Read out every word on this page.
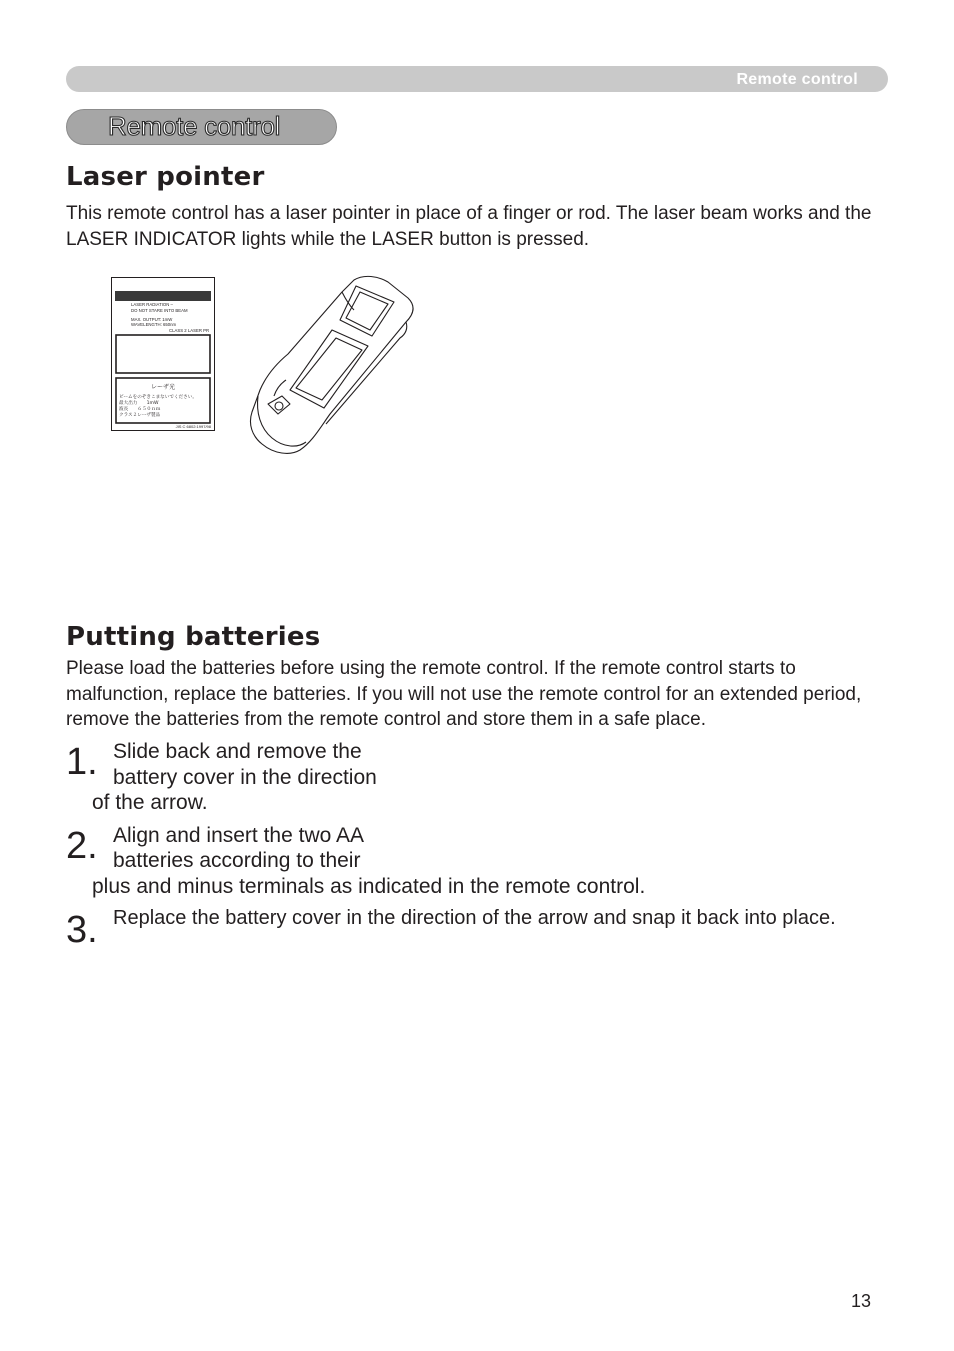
Remote control
Remote control
Laser pointer

This remote control has a laser pointer in place of a finger or rod. The laser beam works and the LASER INDICATOR lights while the LASER button is pressed.

LASER RADIATION –
DO NOT STARE INTO BEAM
MAX. OUTPUT: 1mW
WAVELENGTH: 650nm
CLASS 2 LASER PR
レーザ光
ビームをのぞきこまないでください。
最大出力　　1mW
波長　　６５０ｎｍ
クラス２レーザ製品
JIS C 6802:1997/98
Putting batteries

Please load the batteries before using the remote control. If the remote control starts to malfunction, replace the batteries. If you will not use the remote control for an extended period, remove the batteries from the remote control and store them in a safe place.

1. Slide back and remove the
battery cover in the direction
of the arrow.
2. Align and insert the two AA
batteries according to their
plus and minus terminals as indicated in the remote control.
3. Replace the battery cover in the direction of the arrow and snap it back into place.
13
